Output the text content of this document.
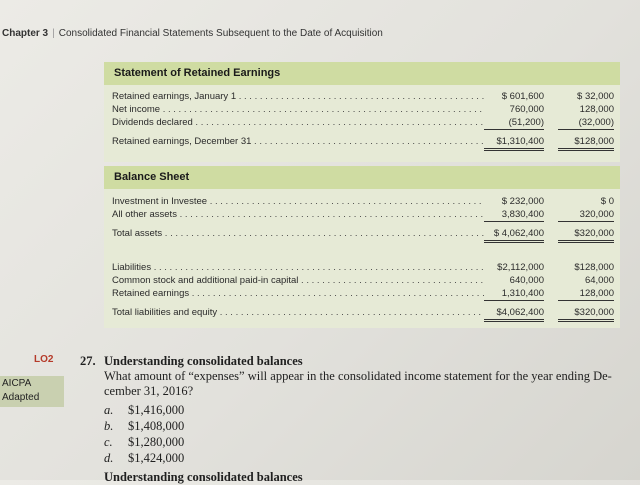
Chapter 3 | Consolidated Financial Statements Subsequent to the Date of Acquisition
Statement of Retained Earnings
Retained earnings, January 1 . . .	$ 601,600	$ 32,000
Net income . . .	760,000	128,000
Dividends declared . . .	(51,200)	(32,000)
Retained earnings, December 31 . . .	$1,310,400	$128,000
Balance Sheet
Investment in Investee . . .	$ 232,000	$ 0
All other assets . . .	3,830,400	320,000
Total assets . . .	$ 4,062,400	$320,000
Liabilities . . .	$2,112,000	$128,000
Common stock and additional paid-in capital . . .	640,000	64,000
Retained earnings . . .	1,310,400	128,000
Total liabilities and equity . . .	$4,062,400	$320,000
LO2
AICPA
Adapted
27. Understanding consolidated balances
What amount of “expenses” will appear in the consolidated income statement for the year ending De-
cember 31, 2016?
a. $1,416,000
b. $1,408,000
c. $1,280,000
d. $1,424,000
Understanding consolidated balances
